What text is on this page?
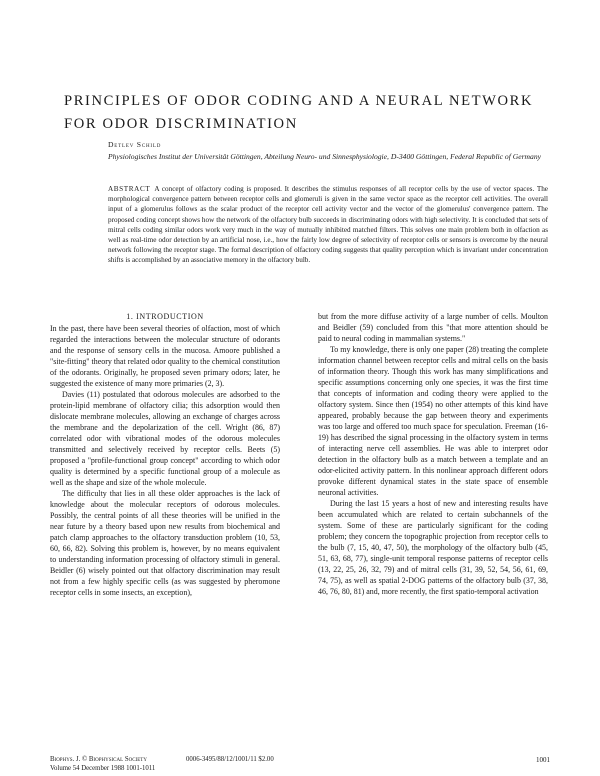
PRINCIPLES OF ODOR CODING AND A NEURAL NETWORK FOR ODOR DISCRIMINATION

Detlev Schild

Physiologisches Institut der Universität Göttingen, Abteilung Neuro- und Sinnesphysiologie, D-3400 Göttingen, Federal Republic of Germany

ABSTRACT A concept of olfactory coding is proposed. It describes the stimulus responses of all receptor cells by the use of vector spaces. The morphological convergence pattern between receptor cells and glomeruli is given in the same vector space as the receptor cell activities. The overall input of a glomerulus follows as the scalar product of the receptor cell activity vector and the vector of the glomerulus' convergence pattern. The proposed coding concept shows how the network of the olfactory bulb succeeds in discriminating odors with high selectivity. It is concluded that sets of mitral cells coding similar odors work very much in the way of mutually inhibited matched filters. This solves one main problem both in olfaction as well as real-time odor detection by an artificial nose, i.e., how the fairly low degree of selectivity of receptor cells or sensors is overcome by the neural network following the receptor stage. The formal description of olfactory coding suggests that quality perception which is invariant under concentration shifts is accomplished by an associative memory in the olfactory bulb.

1. INTRODUCTION

In the past, there have been several theories of olfaction, most of which regarded the interactions between the molecular structure of odorants and the response of sensory cells in the mucosa. Amoore published a "site-fitting" theory that related odor quality to the chemical constitution of the odorants. Originally, he proposed seven primary odors; later, he suggested the existence of many more primaries (2, 3).

Davies (11) postulated that odorous molecules are adsorbed to the protein-lipid membrane of olfactory cilia; this adsorption would then dislocate membrane molecules, allowing an exchange of charges across the membrane and the depolarization of the cell. Wright (86, 87) correlated odor with vibrational modes of the odorous molecules transmitted and selectively received by receptor cells. Beets (5) proposed a "profile-functional group concept" according to which odor quality is determined by a specific functional group of a molecule as well as the shape and size of the whole molecule.

The difficulty that lies in all these older approaches is the lack of knowledge about the molecular receptors of odorous molecules. Possibly, the central points of all these theories will be unified in the near future by a theory based upon new results from biochemical and patch clamp approaches to the olfactory transduction problem (10, 53, 60, 66, 82). Solving this problem is, however, by no means equivalent to understanding information processing of olfactory stimuli in general. Beidler (6) wisely pointed out that olfactory discrimination may result not from a few highly specific cells (as was suggested by pheromone receptor cells in some insects, an exception),

but from the more diffuse activity of a large number of cells. Moulton and Beidler (59) concluded from this "that more attention should be paid to neural coding in mammalian systems."

To my knowledge, there is only one paper (28) treating the complete information channel between receptor cells and mitral cells on the basis of information theory. Though this work has many simplifications and specific assumptions concerning only one species, it was the first time that concepts of information and coding theory were applied to the olfactory system. Since then (1954) no other attempts of this kind have appeared, probably because the gap between theory and experiments was too large and offered too much space for speculation. Freeman (16-19) has described the signal processing in the olfactory system in terms of interacting nerve cell assemblies. He was able to interpret odor detection in the olfactory bulb as a match between a template and an odor-elicited activity pattern. In this nonlinear approach different odors provoke different dynamical states in the state space of ensemble neuronal activities.

During the last 15 years a host of new and interesting results have been accumulated which are related to certain subchannels of the system. Some of these are particularly significant for the coding problem; they concern the topographic projection from receptor cells to the bulb (7, 15, 40, 47, 50), the morphology of the olfactory bulb (45, 51, 63, 68, 77), single-unit temporal response patterns of receptor cells (13, 22, 25, 26, 32, 79) and of mitral cells (31, 39, 52, 54, 56, 61, 69, 74, 75), as well as spatial 2-DOG patterns of the olfactory bulb (37, 38, 46, 76, 80, 81) and, more recently, the first spatio-temporal activation

Biophys. J. © Biophysical Society	0006-3495/88/12/1001/11 $2.00	1001
Volume 54 December 1988 1001-1011
